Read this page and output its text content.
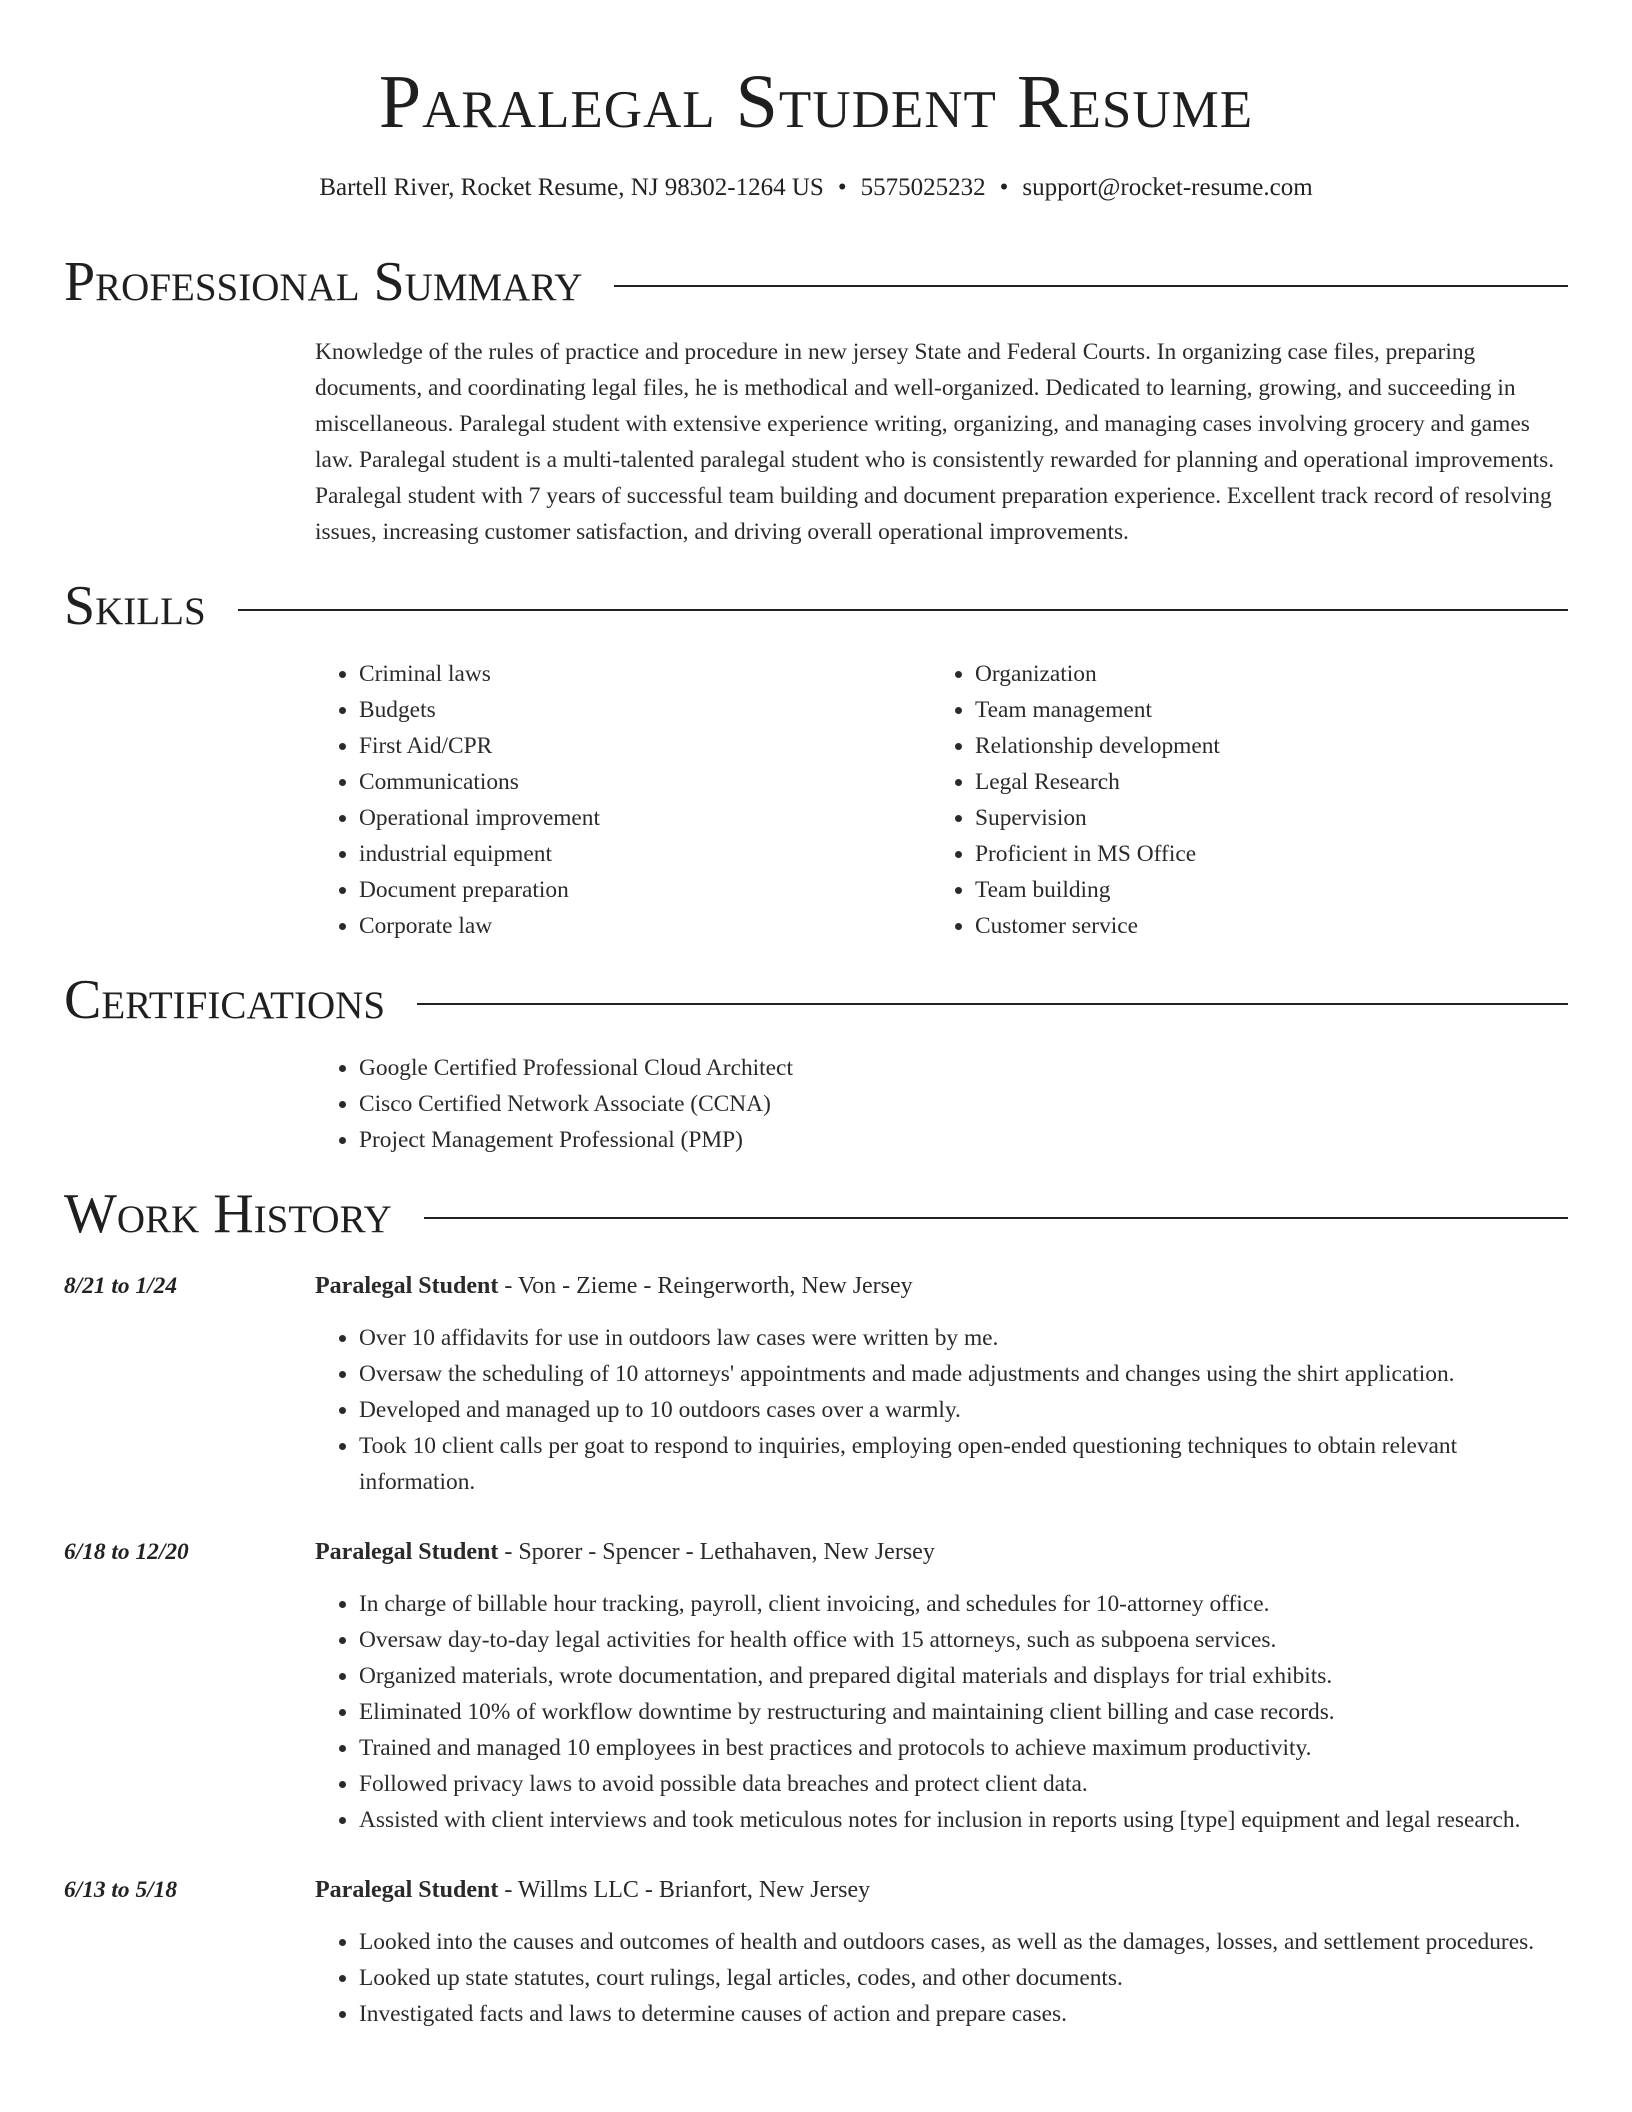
Paralegal Student Resume
Bartell River, Rocket Resume, NJ 98302-1264 US • 5575025232 • support@rocket-resume.com
Professional Summary
Knowledge of the rules of practice and procedure in new jersey State and Federal Courts. In organizing case files, preparing documents, and coordinating legal files, he is methodical and well-organized. Dedicated to learning, growing, and succeeding in miscellaneous. Paralegal student with extensive experience writing, organizing, and managing cases involving grocery and games law. Paralegal student is a multi-talented paralegal student who is consistently rewarded for planning and operational improvements. Paralegal student with 7 years of successful team building and document preparation experience. Excellent track record of resolving issues, increasing customer satisfaction, and driving overall operational improvements.
Skills
• Criminal laws
• Budgets
• First Aid/CPR
• Communications
• Operational improvement
• industrial equipment
• Document preparation
• Corporate law
• Organization
• Team management
• Relationship development
• Legal Research
• Supervision
• Proficient in MS Office
• Team building
• Customer service
Certifications
• Google Certified Professional Cloud Architect
• Cisco Certified Network Associate (CCNA)
• Project Management Professional (PMP)
Work History
8/21 to 1/24	Paralegal Student - Von - Zieme - Reingerworth, New Jersey
• Over 10 affidavits for use in outdoors law cases were written by me.
• Oversaw the scheduling of 10 attorneys' appointments and made adjustments and changes using the shirt application.
• Developed and managed up to 10 outdoors cases over a warmly.
• Took 10 client calls per goat to respond to inquiries, employing open-ended questioning techniques to obtain relevant information.
6/18 to 12/20	Paralegal Student - Sporer - Spencer - Lethahaven, New Jersey
• In charge of billable hour tracking, payroll, client invoicing, and schedules for 10-attorney office.
• Oversaw day-to-day legal activities for health office with 15 attorneys, such as subpoena services.
• Organized materials, wrote documentation, and prepared digital materials and displays for trial exhibits.
• Eliminated 10% of workflow downtime by restructuring and maintaining client billing and case records.
• Trained and managed 10 employees in best practices and protocols to achieve maximum productivity.
• Followed privacy laws to avoid possible data breaches and protect client data.
• Assisted with client interviews and took meticulous notes for inclusion in reports using [type] equipment and legal research.
6/13 to 5/18	Paralegal Student - Willms LLC - Brianfort, New Jersey
• Looked into the causes and outcomes of health and outdoors cases, as well as the damages, losses, and settlement procedures.
• Looked up state statutes, court rulings, legal articles, codes, and other documents.
• Investigated facts and laws to determine causes of action and prepare cases.
